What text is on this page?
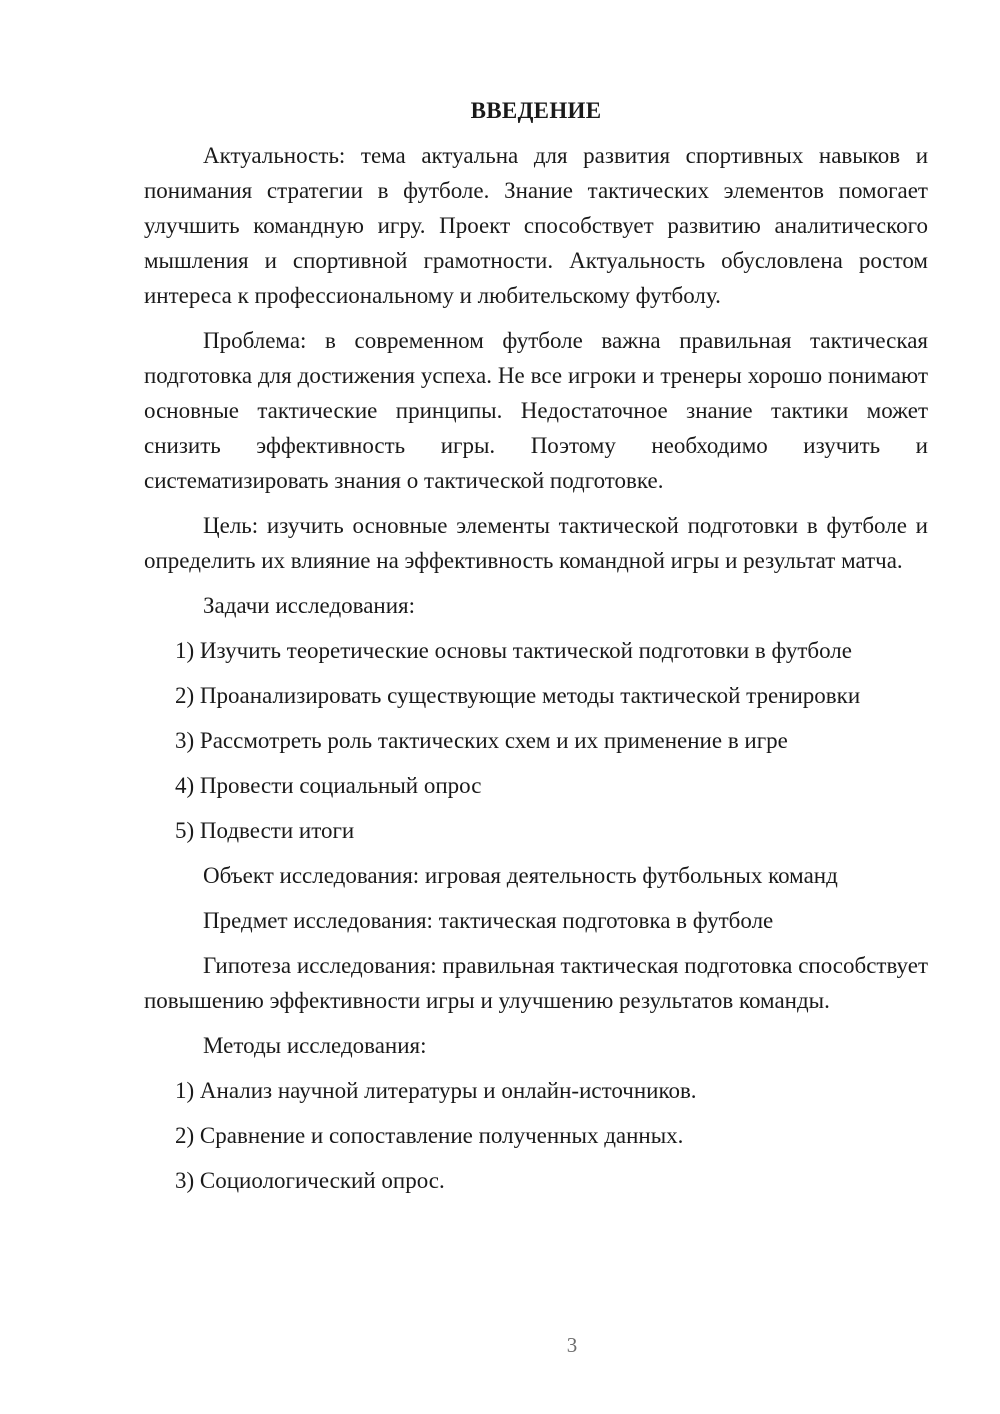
ВВЕДЕНИЕ

Актуальность: тема актуальна для развития спортивных навыков и понимания стратегии в футболе. Знание тактических элементов помогает улучшить командную игру. Проект способствует развитию аналитического мышления и спортивной грамотности. Актуальность обусловлена ростом интереса к профессиональному и любительскому футболу.

Проблема: в современном футболе важна правильная тактическая подготовка для достижения успеха. Не все игроки и тренеры хорошо понимают основные тактические принципы. Недостаточное знание тактики может снизить эффективность игры. Поэтому необходимо изучить и систематизировать знания о тактической подготовке.

Цель: изучить основные элементы тактической подготовки в футболе и определить их влияние на эффективность командной игры и результат матча.

Задачи исследования:

1) Изучить теоретические основы тактической подготовки в футболе

2) Проанализировать существующие методы тактической тренировки

3) Рассмотреть роль тактических схем и их применение в игре

4) Провести социальный опрос

5) Подвести итоги

Объект исследования: игровая деятельность футбольных команд

Предмет исследования: тактическая подготовка в футболе

Гипотеза исследования: правильная тактическая подготовка способствует повышению эффективности игры и улучшению результатов команды.

Методы исследования:

1) Анализ научной литературы и онлайн-источников.

2) Сравнение и сопоставление полученных данных.

3) Социологический опрос.

3
